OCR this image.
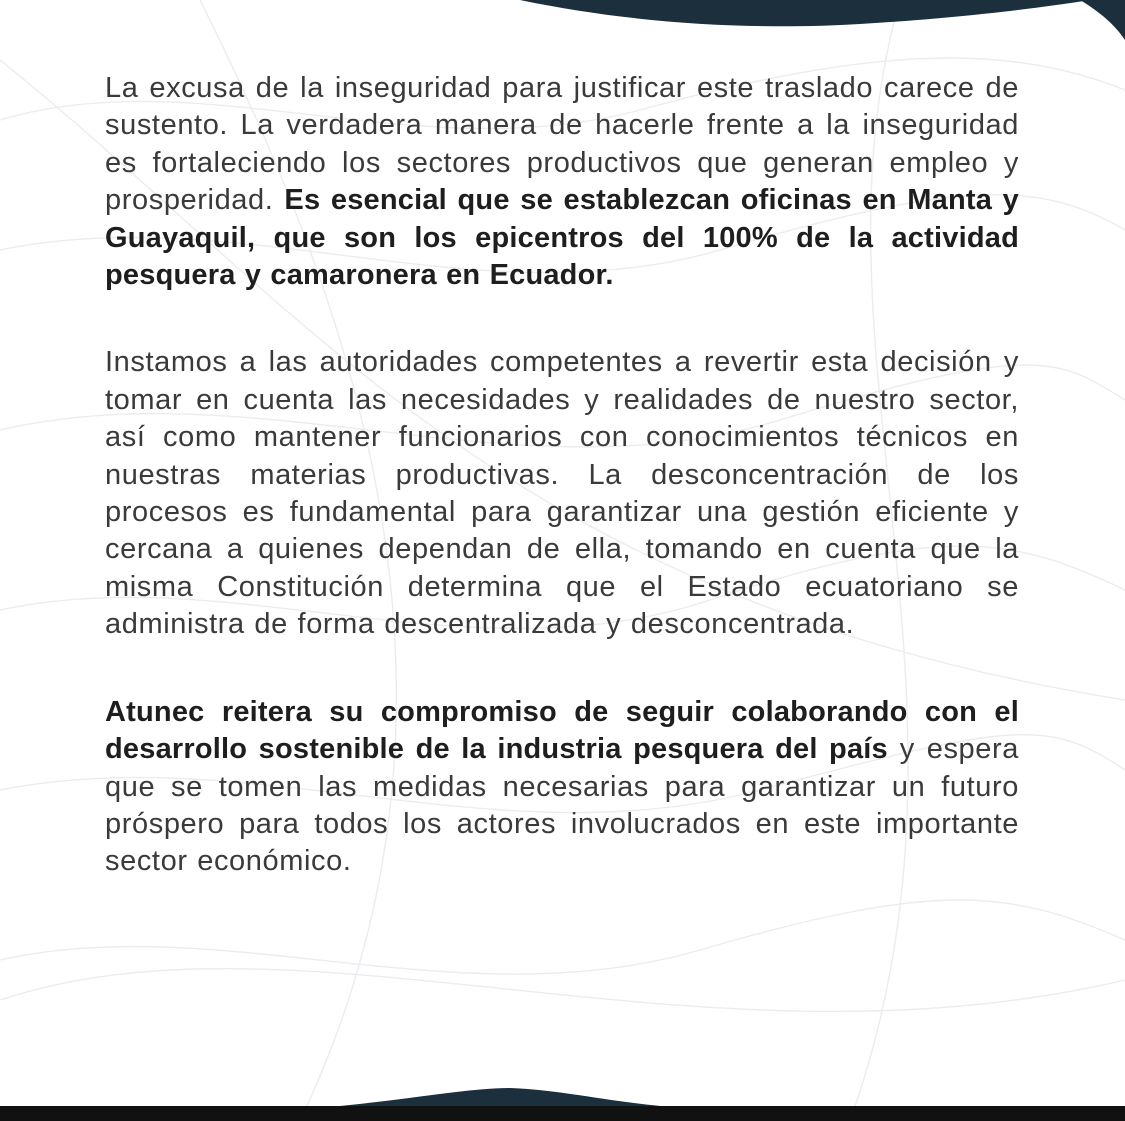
La excusa de la inseguridad para justificar este traslado carece de sustento. La verdadera manera de hacerle frente a la inseguridad es fortaleciendo los sectores productivos que generan empleo y prosperidad. Es esencial que se establezcan oficinas en Manta y Guayaquil, que son los epicentros del 100% de la actividad pesquera y camaronera en Ecuador.

Instamos a las autoridades competentes a revertir esta decisión y tomar en cuenta las necesidades y realidades de nuestro sector, así como mantener funcionarios con conocimientos técnicos en nuestras materias productivas. La desconcentración de los procesos es fundamental para garantizar una gestión eficiente y cercana a quienes dependan de ella, tomando en cuenta que la misma Constitución determina que el Estado ecuatoriano se administra de forma descentralizada y desconcentrada.

Atunec reitera su compromiso de seguir colaborando con el desarrollo sostenible de la industria pesquera del país y espera que se tomen las medidas necesarias para garantizar un futuro próspero para todos los actores involucrados en este importante sector económico.
